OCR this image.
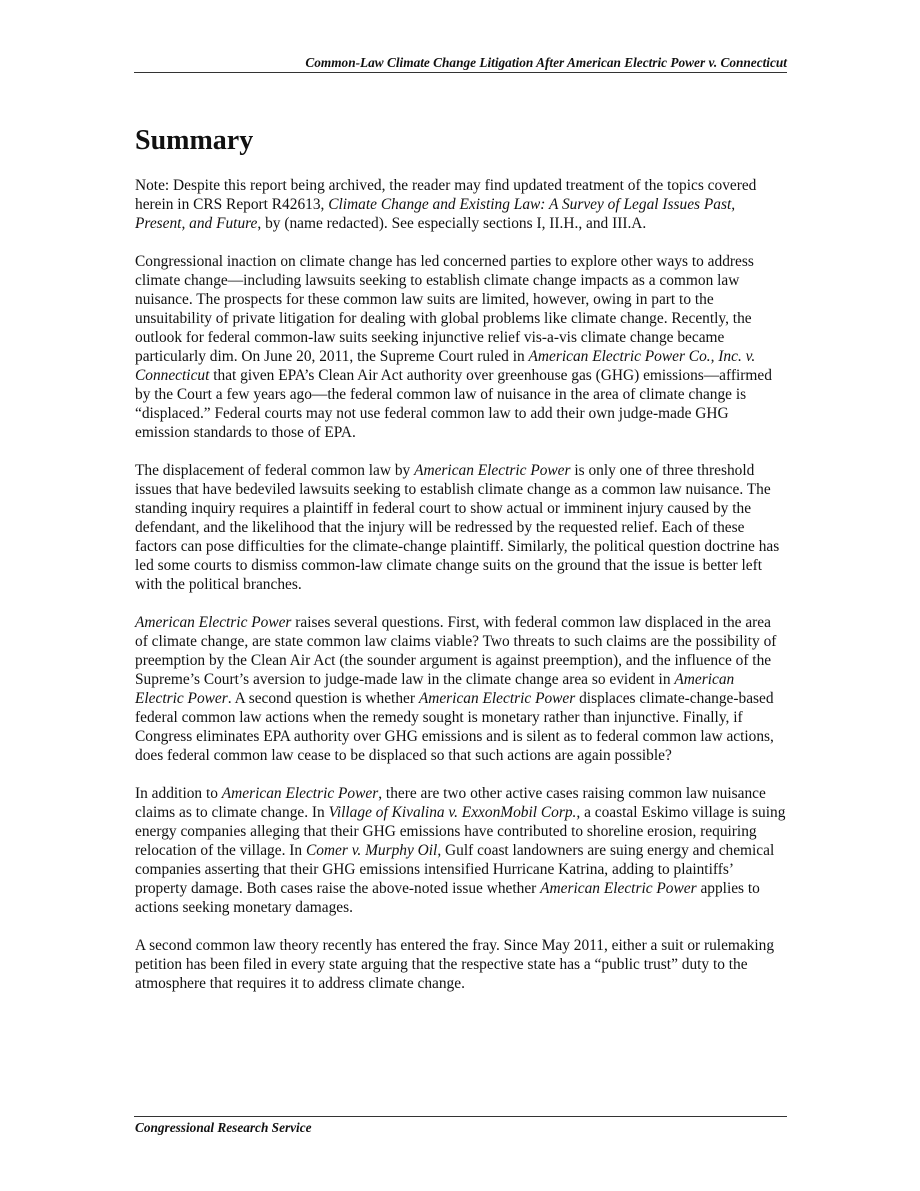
Common-Law Climate Change Litigation After American Electric Power v. Connecticut
Summary

Note: Despite this report being archived, the reader may find updated treatment of the topics covered herein in CRS Report R42613, Climate Change and Existing Law: A Survey of Legal Issues Past, Present, and Future, by (name redacted). See especially sections I, II.H., and III.A.

Congressional inaction on climate change has led concerned parties to explore other ways to address climate change—including lawsuits seeking to establish climate change impacts as a common law nuisance. The prospects for these common law suits are limited, however, owing in part to the unsuitability of private litigation for dealing with global problems like climate change. Recently, the outlook for federal common-law suits seeking injunctive relief vis-a-vis climate change became particularly dim. On June 20, 2011, the Supreme Court ruled in American Electric Power Co., Inc. v. Connecticut that given EPA’s Clean Air Act authority over greenhouse gas (GHG) emissions—affirmed by the Court a few years ago—the federal common law of nuisance in the area of climate change is “displaced.” Federal courts may not use federal common law to add their own judge-made GHG emission standards to those of EPA.

The displacement of federal common law by American Electric Power is only one of three threshold issues that have bedeviled lawsuits seeking to establish climate change as a common law nuisance. The standing inquiry requires a plaintiff in federal court to show actual or imminent injury caused by the defendant, and the likelihood that the injury will be redressed by the requested relief. Each of these factors can pose difficulties for the climate-change plaintiff. Similarly, the political question doctrine has led some courts to dismiss common-law climate change suits on the ground that the issue is better left with the political branches.

American Electric Power raises several questions. First, with federal common law displaced in the area of climate change, are state common law claims viable? Two threats to such claims are the possibility of preemption by the Clean Air Act (the sounder argument is against preemption), and the influence of the Supreme’s Court’s aversion to judge-made law in the climate change area so evident in American Electric Power. A second question is whether American Electric Power displaces climate-change-based federal common law actions when the remedy sought is monetary rather than injunctive. Finally, if Congress eliminates EPA authority over GHG emissions and is silent as to federal common law actions, does federal common law cease to be displaced so that such actions are again possible?

In addition to American Electric Power, there are two other active cases raising common law nuisance claims as to climate change. In Village of Kivalina v. ExxonMobil Corp., a coastal Eskimo village is suing energy companies alleging that their GHG emissions have contributed to shoreline erosion, requiring relocation of the village. In Comer v. Murphy Oil, Gulf coast landowners are suing energy and chemical companies asserting that their GHG emissions intensified Hurricane Katrina, adding to plaintiffs’ property damage. Both cases raise the above-noted issue whether American Electric Power applies to actions seeking monetary damages.

A second common law theory recently has entered the fray. Since May 2011, either a suit or rulemaking petition has been filed in every state arguing that the respective state has a “public trust” duty to the atmosphere that requires it to address climate change.

Congressional Research Service
